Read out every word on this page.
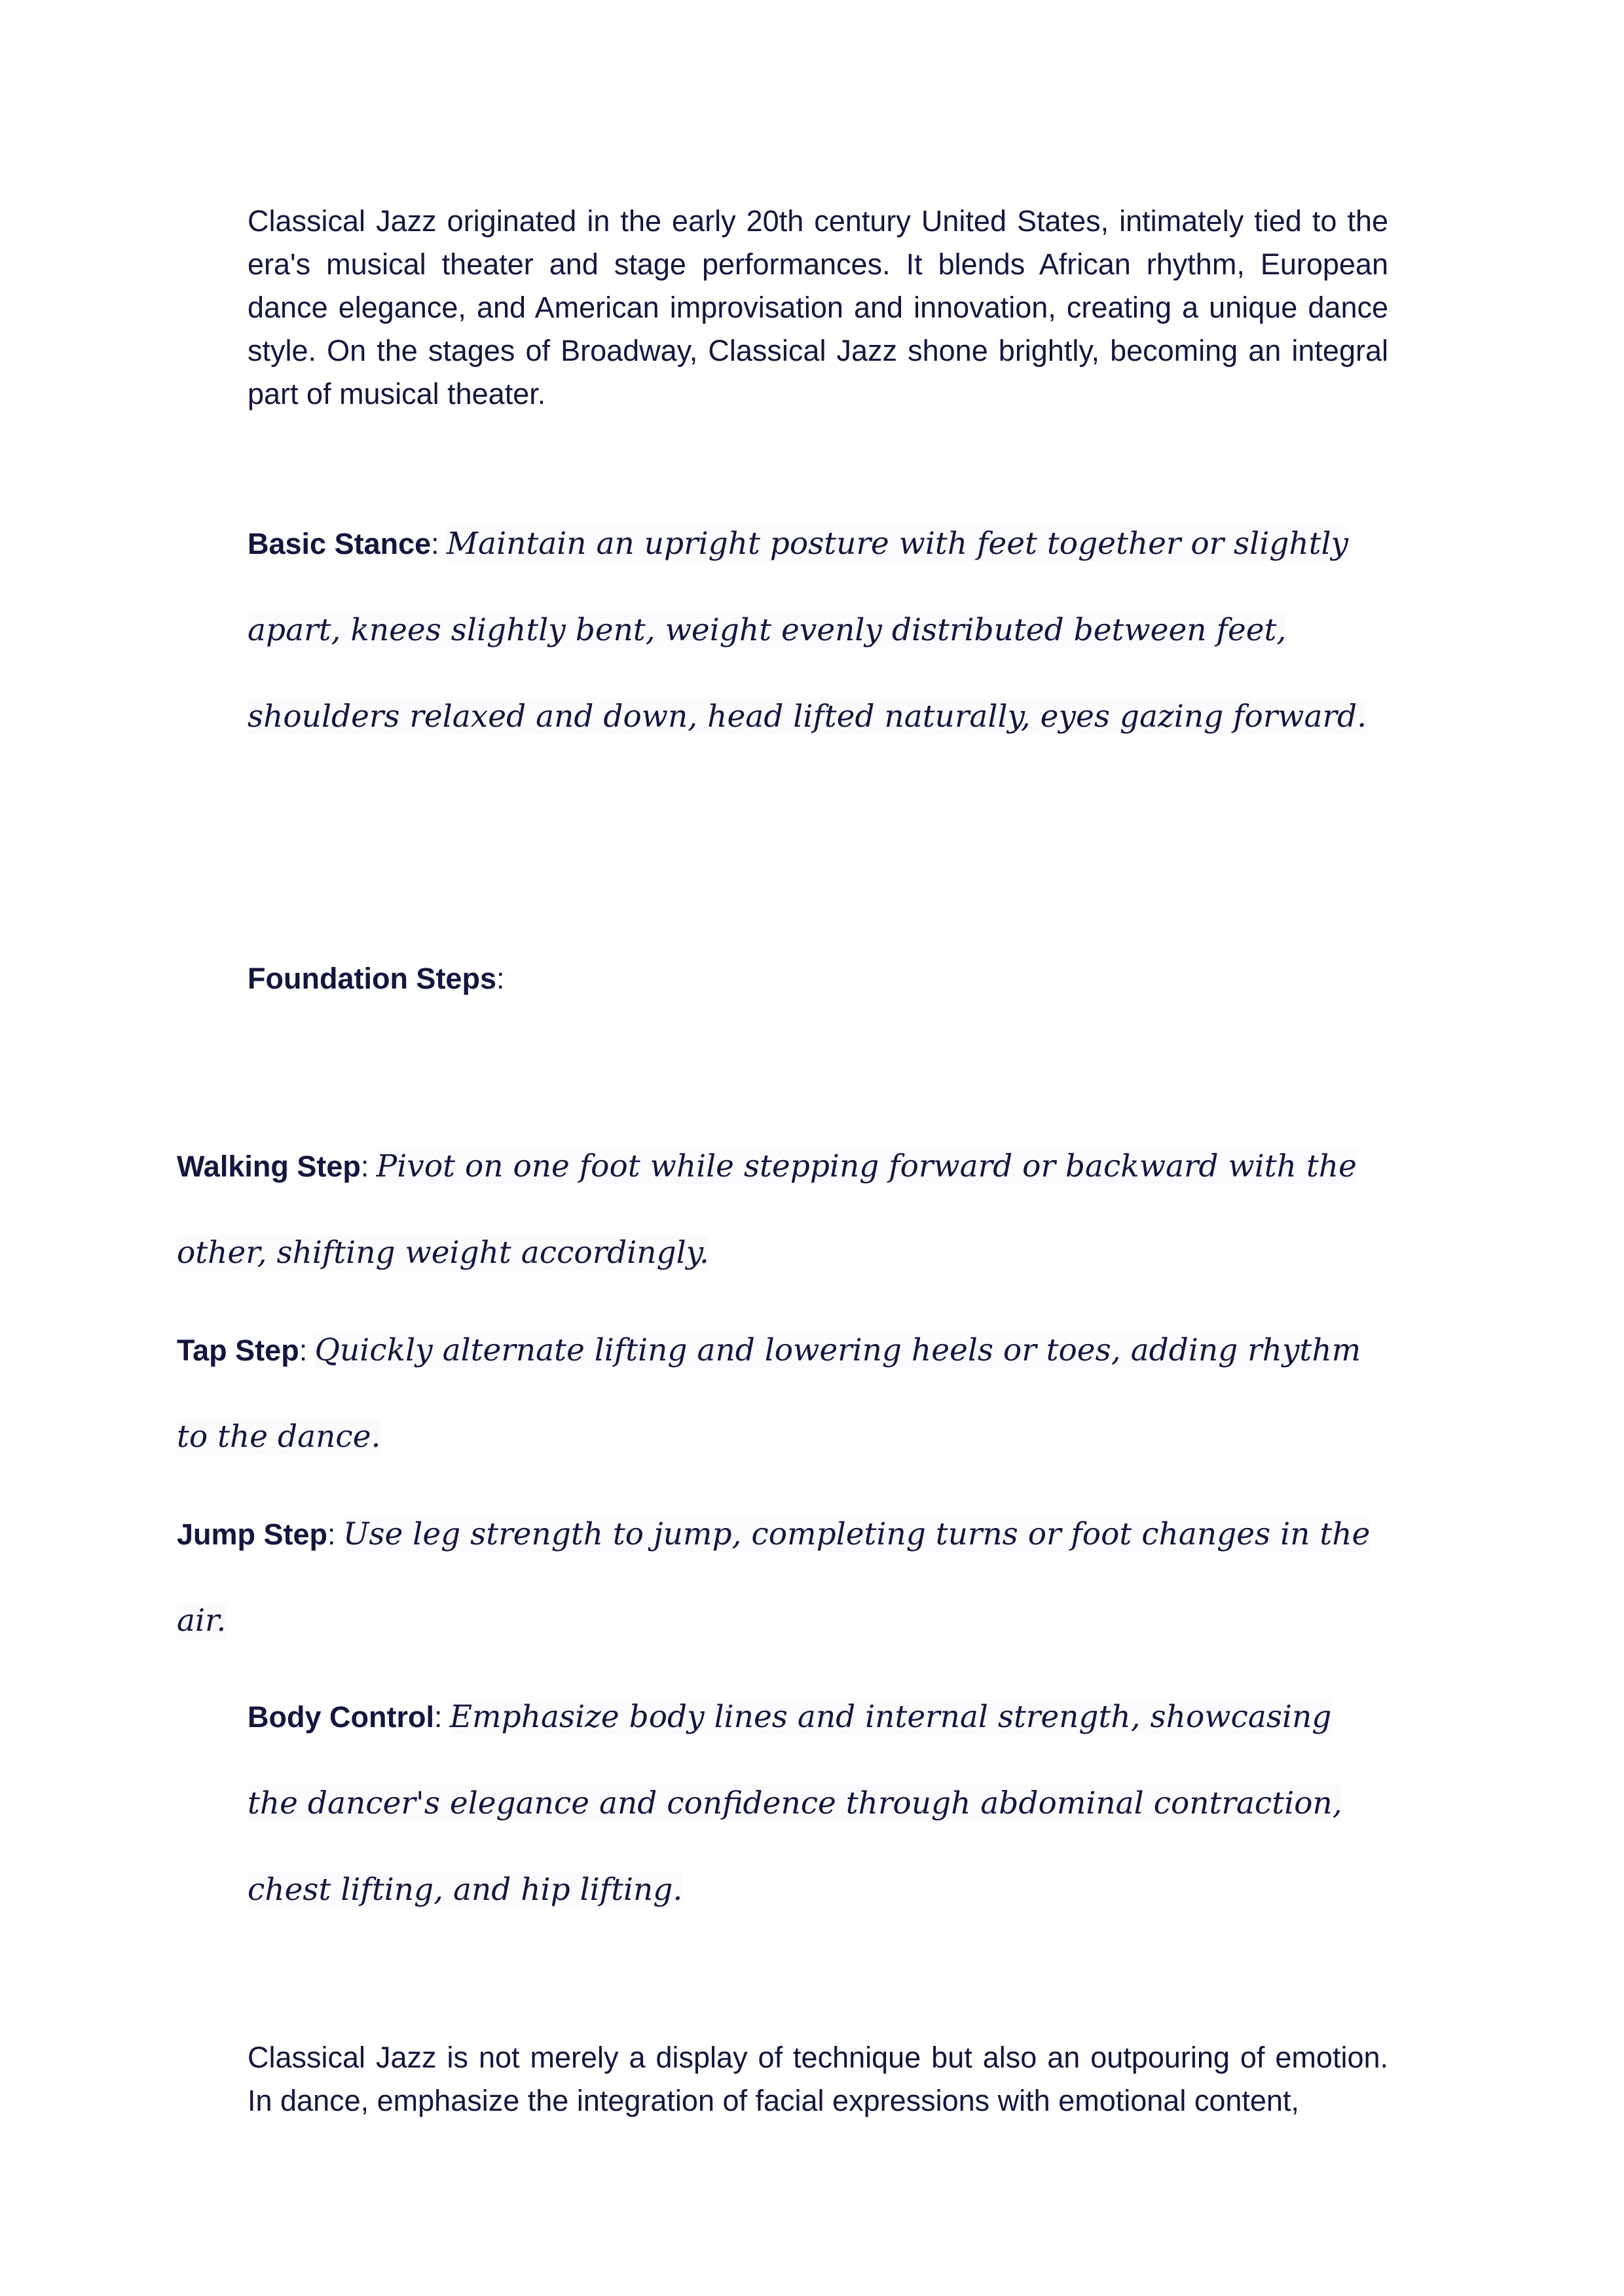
Classical Jazz originated in the early 20th century United States, intimately tied to the era's musical theater and stage performances. It blends African rhythm, European dance elegance, and American improvisation and innovation, creating a unique dance style. On the stages of Broadway, Classical Jazz shone brightly, becoming an integral part of musical theater.
Basic Stance: Maintain an upright posture with feet together or slightly apart, knees slightly bent, weight evenly distributed between feet, shoulders relaxed and down, head lifted naturally, eyes gazing forward.
Foundation Steps:
Walking Step: Pivot on one foot while stepping forward or backward with the other, shifting weight accordingly.
Tap Step: Quickly alternate lifting and lowering heels or toes, adding rhythm to the dance.
Jump Step: Use leg strength to jump, completing turns or foot changes in the air.
Body Control: Emphasize body lines and internal strength, showcasing the dancer's elegance and confidence through abdominal contraction, chest lifting, and hip lifting.
Classical Jazz is not merely a display of technique but also an outpouring of emotion. In dance, emphasize the integration of facial expressions with emotional content,
